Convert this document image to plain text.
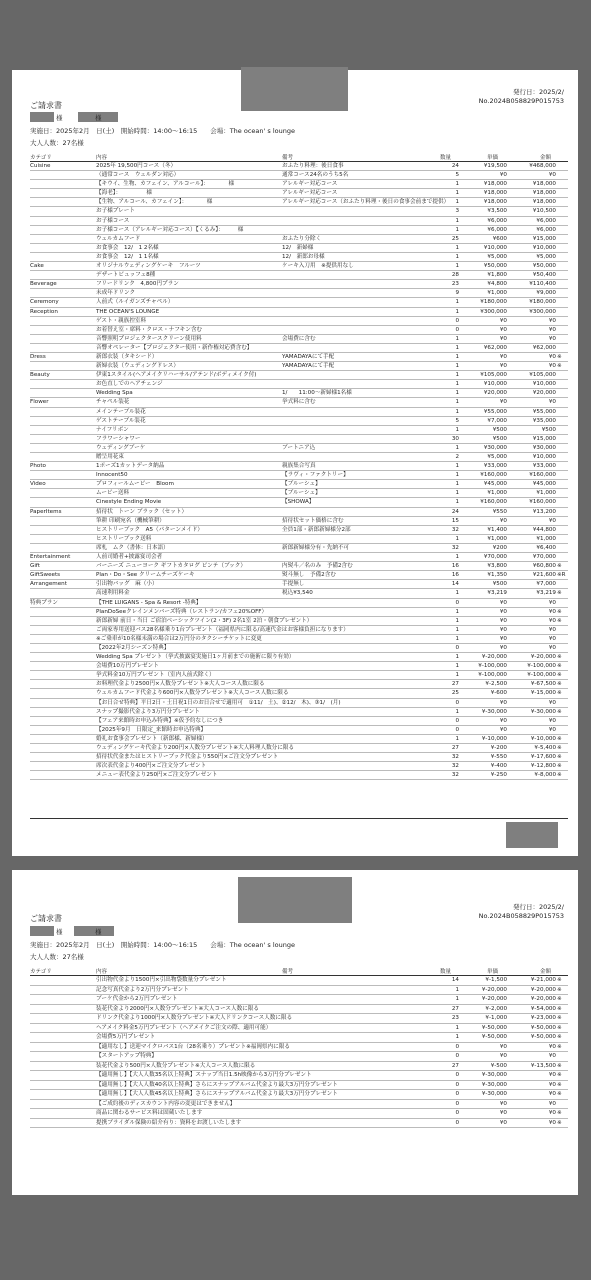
発行日：2025/2/
No.2024B058829P015753
ご請求書
様　　　　　様
実施日：2025年2月　日(土)　開始時間：14:00〜16:15　　会場：The ocean' s lounge
大人人数：27名様
カテゴリ	内容	備考	数量	単価	金額
Cuisine	2025年 19,500円コース（冬）	おふたり料理：後日食事	24	¥19,500	¥468,000
（通常コース　ウェルダン対応）	通常コース24名のうち5名	5	¥0	¥0
【キウイ、生物、カフェイン、アルコール】：　　　　様	アレルギー対応コース	1	¥18,000	¥18,000
【海老】：　　　　　様	アレルギー対応コース	1	¥18,000	¥18,000
【生物、アルコール、カフェイン】：　　　　様	アレルギー対応コース（おふたり料理・後日の食事会前まで提供）	1	¥18,000	¥18,000
お子様プレート	3	¥3,500	¥10,500
お子様コース	1	¥6,000	¥6,000
お子様コース（アレルギー対応コース）【くるみ】：　　　様	1	¥6,000	¥6,000
ウェルカムフード	おふたり分除く	25	¥600	¥15,000
お食事会　12/　1 2名様	12/　新婦様	1	¥10,000	¥10,000
お食事会　12/　1 1名様	12/　新郎お母様	1	¥5,000	¥5,000
Cake	オリジナルウェディングケーキ　フルーツ	ケーキ入刀用　※提供用なし	1	¥50,000	¥50,000
デザートビュッフェ8種	28	¥1,800	¥50,400
Beverage	フリードリンク　4,800円プラン	23	¥4,800	¥110,400
未成年ドリンク	9	¥1,000	¥9,000
Ceremony	人前式（ルイガンズチャペル）	1	¥180,000	¥180,000
Reception	THE OCEAN'S LOUNGE	1	¥300,000	¥300,000
ゲスト・親族控室料	0	¥0	¥0
お着替え室・席料・クロス・ナフキン含む	0	¥0	¥0
音響照明プロジェクタースクリーン使用料	会場費に含む	1	¥0	¥0
音響オペレーター【プロジェクター使用・新作権対応費含む】	1	¥62,000	¥62,000
Dress	新郎衣装（タキシード）	YAMADAYAにて手配	1	¥0	¥0 ※
新婦衣装（ウェディングドレス）	YAMADAYAにて手配	1	¥0	¥0 ※
Beauty	伊東1スタイル(ヘアメイクリハーサル/アテンド/ボディメイク付)	1	¥105,000	¥105,000
お色直しでのヘアチェンジ	1	¥10,000	¥10,000
Wedding Spa	1/　　11:00〜新婦様1名様	1	¥20,000	¥20,000
Flower	チャペル装花	挙式料に含む	1	¥0	¥0
メインテーブル装花	1	¥55,000	¥55,000
ゲストテーブル装花	5	¥7,000	¥35,000
ナイフリボン	1	¥500	¥500
フラワーシャワー	30	¥500	¥15,000
ウェディングブーケ	ブートニア込	1	¥30,000	¥30,000
贈呈用花束	2	¥5,000	¥10,000
Photo	1ポーズ1カットデータ納品	親族集合写真	1	¥33,000	¥33,000
Innocent50	【ラヴィ・ファクトリー】	1	¥160,000	¥160,000
Video	プロフィールムービー　Bloom	【ブルーシェ】	1	¥45,000	¥45,000
ムービー送料	【ブルーシェ】	1	¥1,000	¥1,000
Cinestyle Ending Movie	【SHOWA】	1	¥160,000	¥160,000
PaperItems	招待状　トーン ブラック（セット）	24	¥550	¥13,200
筆耕 印刷宛名（機械筆耕）	招待状セット価格に含む	15	¥0	¥0
ヒストリーブック　A5（パターンメイド）	全員1部・新郎新婦様分2部	32	¥1,400	¥44,800
ヒストリーブック送料	1	¥1,000	¥1,000
席札　ムク（書体：日本語）	新郎新婦様分有・先納不可	32	¥200	¥6,400
Entertainment	人前司婚者+披露宴司会者	1	¥70,000	¥70,000
Gift	バーニーズ ニューヨーク ギフトカタログ ビンテ（ブック）	内熨斗／名のみ　予備2含む	16	¥3,800	¥60,800 ※
GiftSweets	Plan・Do・See クリームチーズケーキ	熨斗無し　予備2含む	16	¥1,350	¥21,600 ※R
Arrangement	引出物バッグ　麻（小）	手提無し	14	¥500	¥7,000
高速利用料金	税込¥3,540	1	¥3,219	¥3,219 ※
特典プラン	【THE LUIGANS - Spa & Resort -特典】	0	¥0	¥0
PlanDoSeeクレインメンバーズ特典（レストラン/カフェ20%OFF）	1	¥0	¥0 ※
新郎新婦 前日・当日 ご宿泊ベーシックツイン(2・3F) 2名1室 2泊・朝食プレゼント）	1	¥0	¥0 ※
ご両家専用送迎バス28名様乗り1台プレゼント（福岡県内に限る/高速代金はお客様負担になります）	1	¥0	¥0
※ご乗車が10名様未満の場合は2万円分のタクシーチケットに変更	1	¥0	¥0
【2022年2月シーズン特典】	0	¥0	¥0
Wedding Spa プレゼント（挙式披露宴実施日1ヶ月前までの施術に限り有効）	1	¥-20,000	¥-20,000 ※
会場費10万円プレゼント	1	¥-100,000	¥-100,000 ※
挙式料金10万円プレゼント（室内人前式除く）	1	¥-100,000	¥-100,000 ※
お料理代金より2500円×人数分プレゼント※大人コース人数に限る	27	¥-2,500	¥-67,500 ※
ウェルカムフード代金より600円×人数分プレゼント※大人コース人数に限る	25	¥-600	¥-15,000 ※
【お日合せ特典】平日2日・土日祝1日のお日合せで適用可　①11/　土)、②12/　木)、③1/　(月)	0	¥0	¥0
スナップ撮影代金より3万円分プレゼント	1	¥-30,000	¥-30,000 ※
【フェア来館時お申込み特典】※仮予約なしにつき	0	¥0	¥0
【2025年9月　日限定_来館時お申込特典】	0	¥0	¥0
婚礼お食事会プレゼント（新郎様、新婦様）	1	¥-10,000	¥-10,000 ※
ウェディングケーキ代金より200円×人数分プレゼント※大人料理人数分に限る	27	¥-200	¥-5,400 ※
招待状代金またはヒストリーブック代金より550円×ご注文分プレゼント	32	¥-550	¥-17,600 ※
席次表代金より400円×ご注文分プレゼント	32	¥-400	¥-12,800 ※
メニュー表代金より250円×ご注文分プレゼント	32	¥-250	¥-8,000 ※
発行日：2025/2/
No.2024B058829P015753
ご請求書
様　　　　　様
実施日：2025年2月　日(土)　開始時間：14:00〜16:15　　会場：The ocean' s lounge
大人人数：27名様
カテゴリ	内容	備考	数量	単価	金額
引出物代金より1500円×引出物袋数量分プレゼント	14	¥-1,500	¥-21,000 ※
記念写真代金より2万円分プレゼント	1	¥-20,000	¥-20,000 ※
ブーケ代金から2万円プレゼント	1	¥-20,000	¥-20,000 ※
装花代金より2000円×人数分プレゼント※大人コース人数に限る	27	¥-2,000	¥-54,000 ※
ドリンク代金より1000円×人数分プレゼント※大人ドリンクコース人数に限る	23	¥-1,000	¥-23,000 ※
ヘアメイク料金5万円プレゼント（ヘアメイクご注文の際、適用可能）	1	¥-50,000	¥-50,000 ※
会場費5万円プレゼント	1	¥-50,000	¥-50,000 ※
【適用なし】送迎マイクロバス1台（28名乗り）プレゼント※福岡県内に限る	0	¥0	¥0 ※
【スタートアップ特典】	0	¥0	¥0
装花代金より500円×人数分プレゼント※大人コース人数に限る	27	¥-500	¥-13,500 ※
【適用無し】【大人人数35名以上特典】スナップ当日1.5h映像から3万円分プレゼント	0	¥-30,000	¥0 ※
【適用無し】【大人人数40名以上特典】さらにスナップアルバム代金より最大3万円分プレゼント	0	¥-30,000	¥0 ※
【適用無し】【大人人数45名以上特典】さらにスナップアルバム代金より最大3万円分プレゼント	0	¥-30,000	¥0 ※
【ご成約後のディスカウント内容の変更はできません】	0	¥0	¥0
商品に関わるサービス料は固蔵いたします	0	¥0	¥0 ※
提携ブライダル保険の紹介有り：資料をお渡しいたします	0	¥0	¥0 ※
